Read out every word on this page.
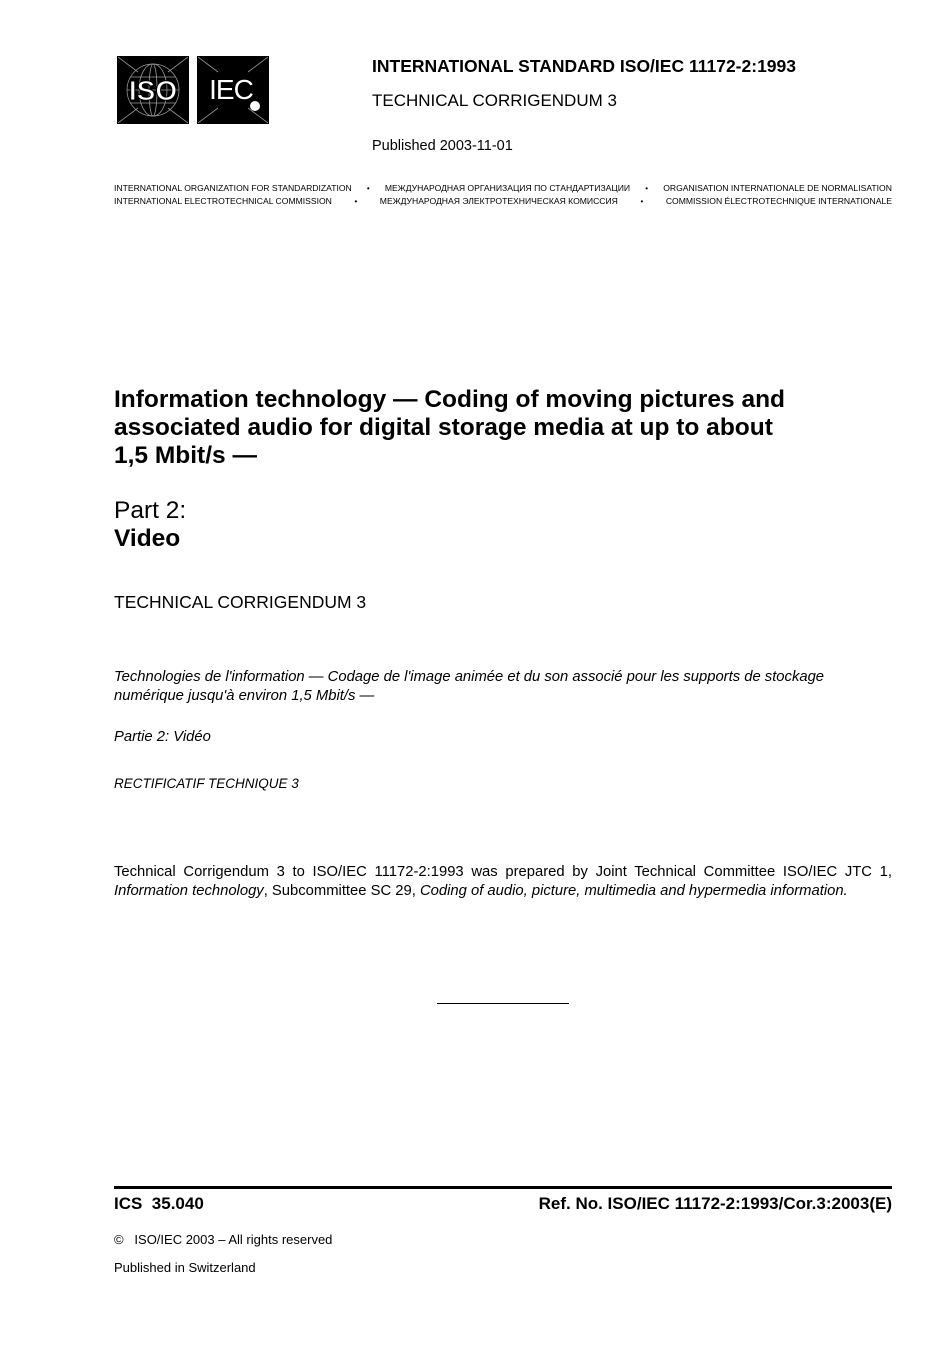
ISO IEC
INTERNATIONAL STANDARD ISO/IEC 11172-2:1993
TECHNICAL CORRIGENDUM 3
Published 2003-11-01
INTERNATIONAL ORGANIZATION FOR STANDARDIZATION • МЕЖДУНАРОДНАЯ ОРГАНИЗАЦИЯ ПО СТАНДАРТИЗАЦИИ • ORGANISATION INTERNATIONALE DE NORMALISATION
INTERNATIONAL ELECTROTECHNICAL COMMISSION	•	МЕЖДУНАРОДНАЯ ЭЛЕКТРОТЕХНИЧЕСКАЯ КОМИССИЯ	•	COMMISSION ÉLECTROTECHNIQUE INTERNATIONALE
Information technology — Coding of moving pictures and
associated audio for digital storage media at up to about
1,5 Mbit/s —
Part 2:
Video
TECHNICAL CORRIGENDUM 3

Technologies de l'information — Codage de l'image animée et du son associé pour les supports de stockage
numérique jusqu'à environ 1,5 Mbit/s —

Partie 2: Vidéo
RECTIFICATIF TECHNIQUE 3

Technical Corrigendum 3 to ISO/IEC 11172-2:1993 was prepared by Joint Technical Committee ISO/IEC JTC 1, Information technology, Subcommittee SC 29, Coding of audio, picture, multimedia and hypermedia information.

ICS  35.040	Ref. No. ISO/IEC 11172-2:1993/Cor.3:2003(E)
©   ISO/IEC 2003 – All rights reserved
Published in Switzerland
